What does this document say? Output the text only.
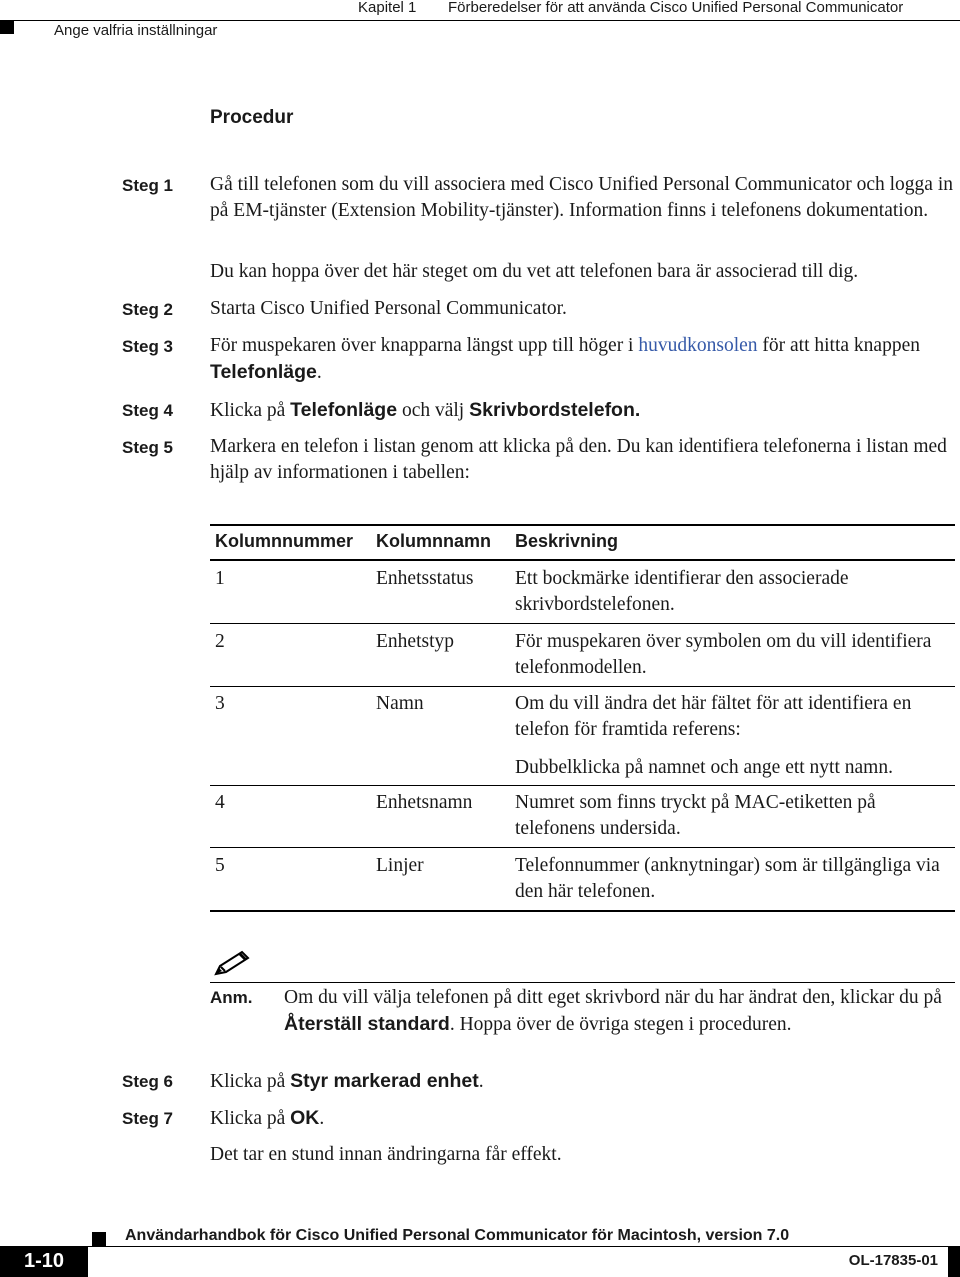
Ange valfria inställningar
Kapitel 1 Förberedelser för att använda Cisco Unified Personal Communicator
Procedur
Steg 1
Steg 2
Steg 3
Steg 4
Steg 5
Steg 6
Steg 7
Gå till telefonen som du vill associera med Cisco Unified Personal Communicator och logga in på EM-tjänster (Extension Mobility-tjänster). Information finns i telefonens dokumentation.
Du kan hoppa över det här steget om du vet att telefonen bara är associerad till dig.
Starta Cisco Unified Personal Communicator.
För muspekaren över knapparna längst upp till höger i huvudkonsolen för att hitta knappen Telefonläge.
Klicka på Telefonläge och välj Skrivbordstelefon.
Markera en telefon i listan genom att klicka på den. Du kan identifiera telefonerna i listan med hjälp av informationen i tabellen:
Kolumnnummer Kolumnnamn Beskrivning
1	Enhetsstatus Ett bockmärke identifierar den associerade skrivbordstelefonen.
2	Enhetstyp	För muspekaren över symbolen om du vill identifiera telefonmodellen.
3	Namn	Om du vill ändra det här fältet för att identifiera en telefon för framtida referens:
Dubbelklicka på namnet och ange ett nytt namn.
4	Enhetsnamn Numret som finns tryckt på MAC-etiketten på telefonens undersida.
5	Linjer	Telefonnummer (anknytningar) som är tillgängliga via den här telefonen.
Anm. Om du vill välja telefonen på ditt eget skrivbord när du har ändrat den, klickar du på Återställ standard. Hoppa över de övriga stegen i proceduren.
Klicka på Styr markerad enhet.
Klicka på OK.
Det tar en stund innan ändringarna får effekt.
Användarhandbok för Cisco Unified Personal Communicator för Macintosh, version 7.0
1-10	OL-17835-01
